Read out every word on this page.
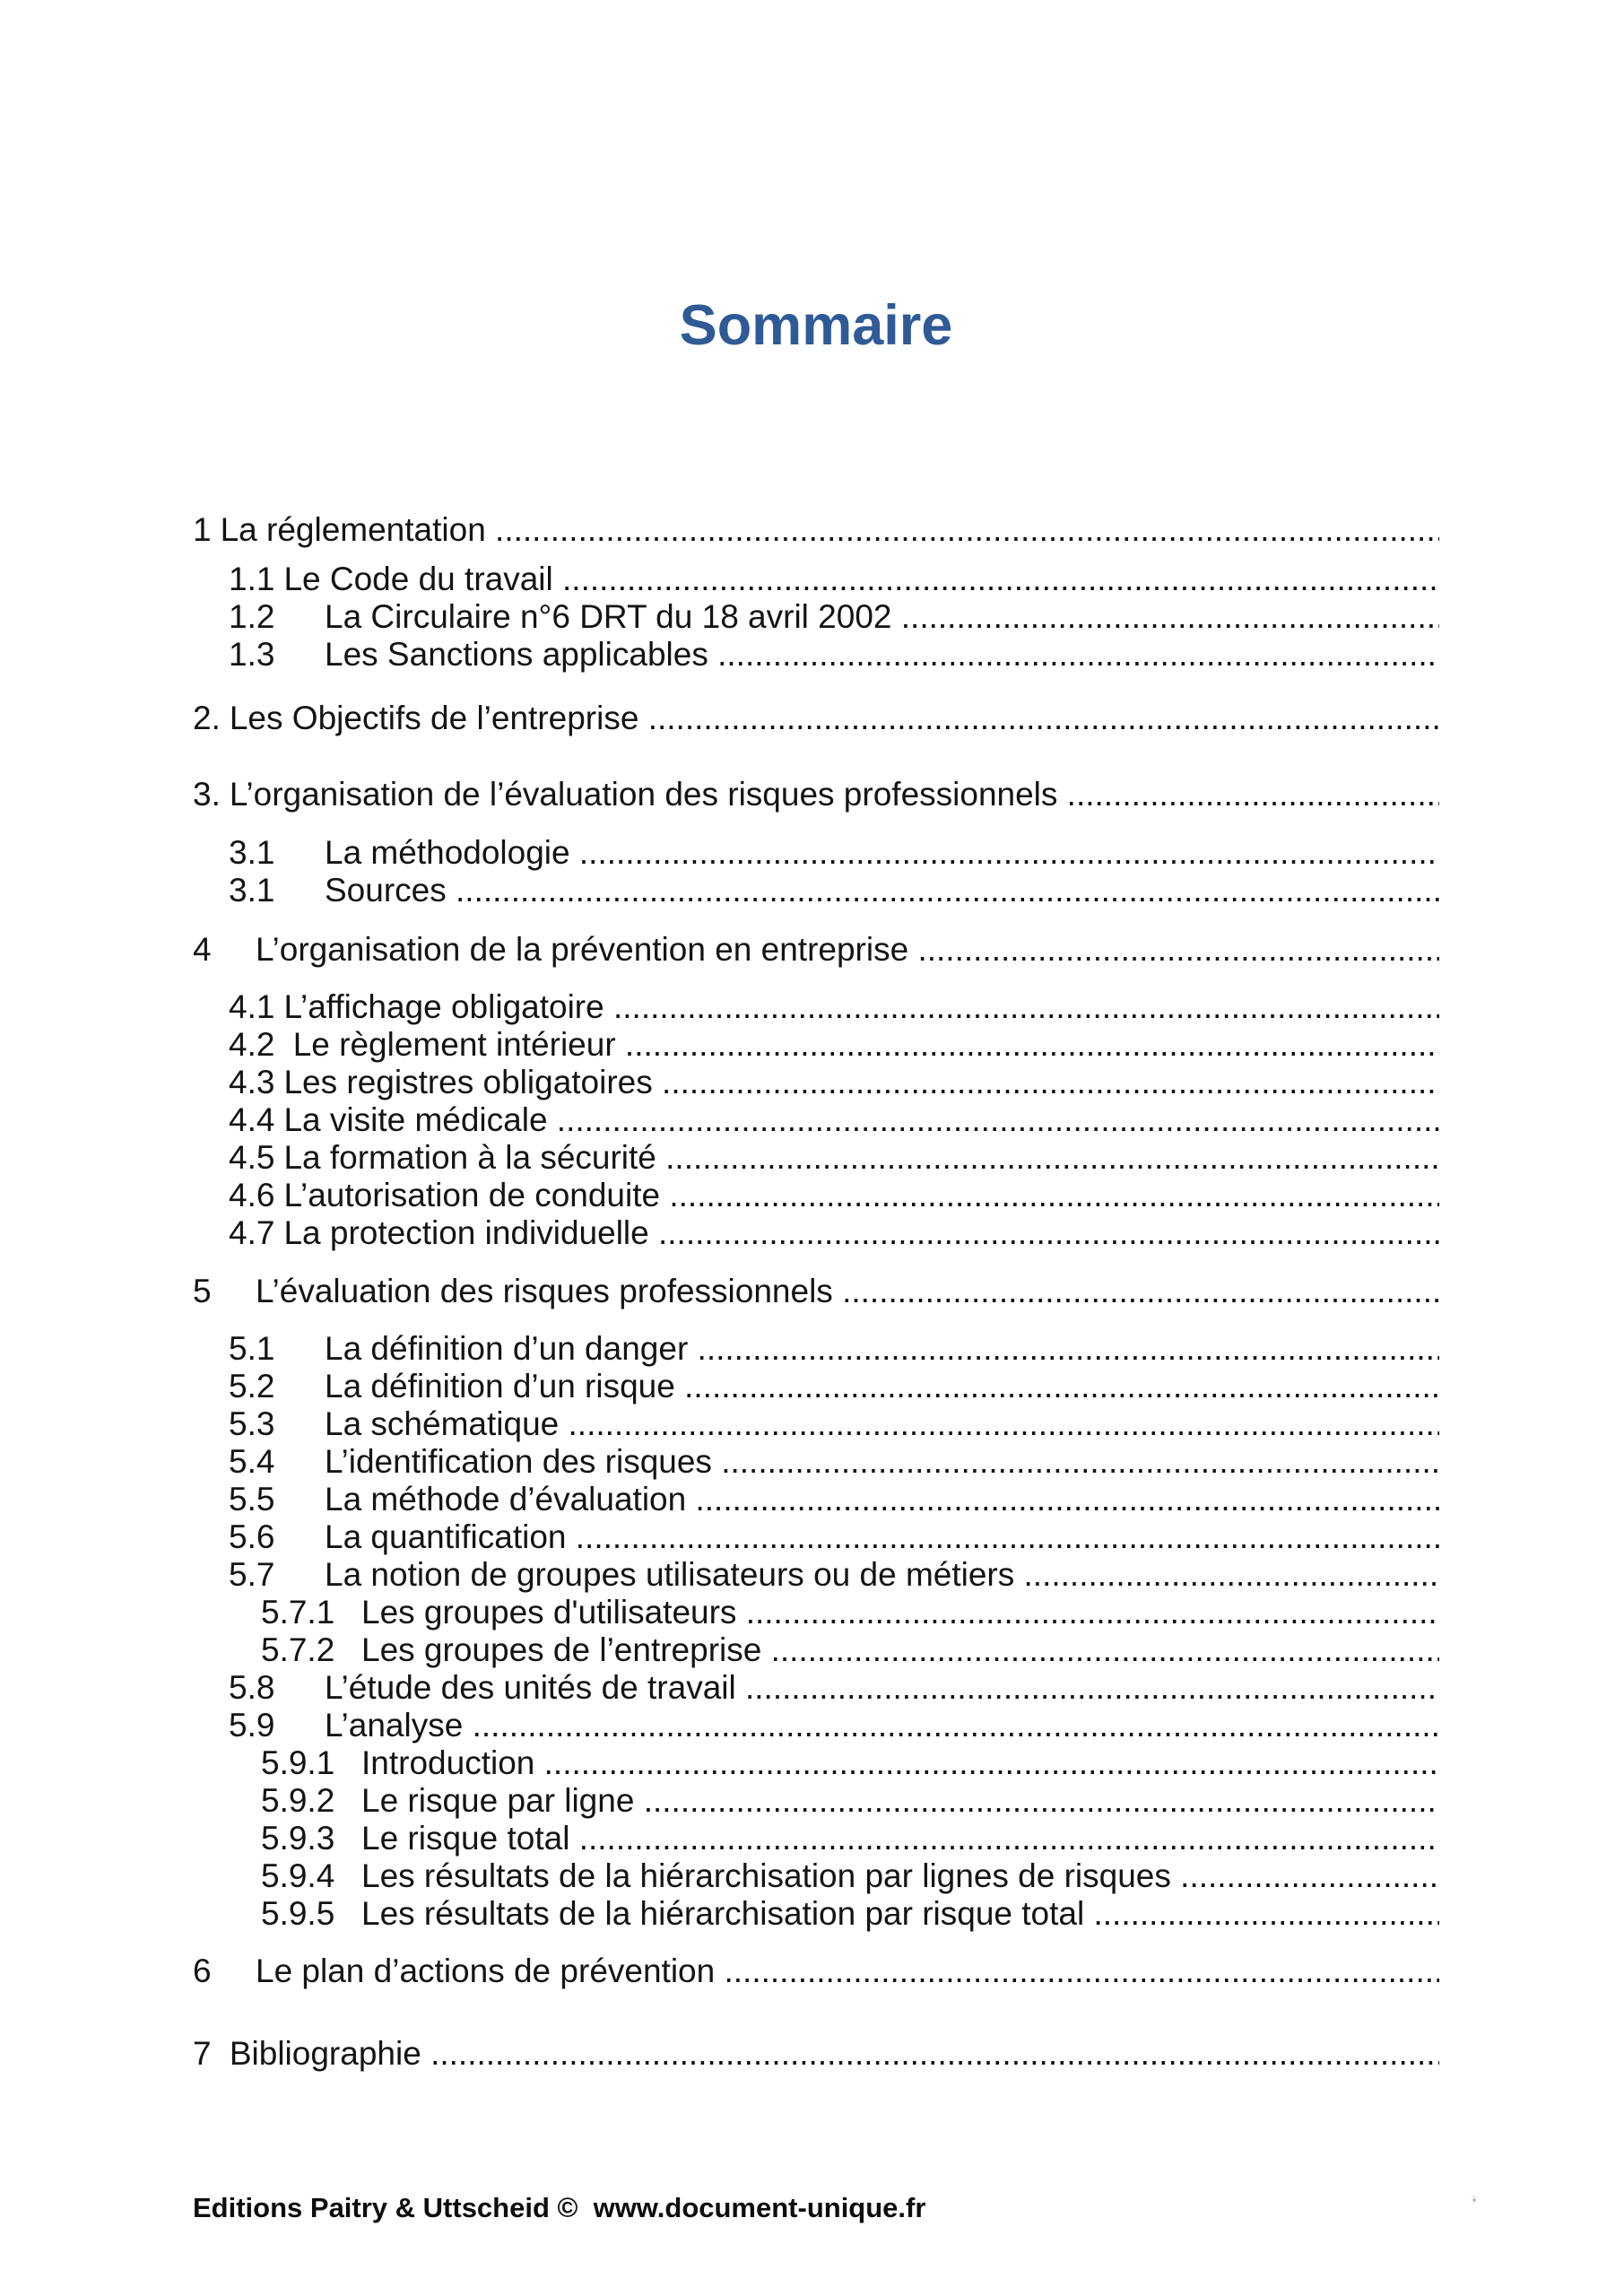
Sommaire
1 La réglementation .....
1.1 Le Code du travail .....
1.2 La Circulaire n°6 DRT du 18 avril 2002 .....
1.3 Les Sanctions applicables .....
2. Les Objectifs de l’entreprise .....
3. L’organisation de l’évaluation des risques professionnels .....
3.1 La méthodologie .....
3.1 Sources .....
4 L’organisation de la prévention en entreprise .....
4.1 L’affichage obligatoire .....
4.2 Le règlement intérieur .....
4.3 Les registres obligatoires .....
4.4 La visite médicale .....
4.5 La formation à la sécurité .....
4.6 L’autorisation de conduite .....
4.7 La protection individuelle .....
5 L’évaluation des risques professionnels .....
5.1 La définition d’un danger .....
5.2 La définition d’un risque .....
5.3 La schématique .....
5.4 L’identification des risques .....
5.5 La méthode d’évaluation .....
5.6 La quantification .....
5.7 La notion de groupes utilisateurs ou de métiers .....
5.7.1 Les groupes d'utilisateurs .....
5.7.2 Les groupes de l’entreprise .....
5.8 L’étude des unités de travail .....
5.9 L’analyse .....
5.9.1 Introduction .....
5.9.2 Le risque par ligne .....
5.9.3 Le risque total .....
5.9.4 Les résultats de la hiérarchisation par lignes de risques .....
5.9.5 Les résultats de la hiérarchisation par risque total .....
6 Le plan d’actions de prévention .....
7 Bibliographie .....
Editions Paitry & Uttscheid ©  www.document-unique.fr
